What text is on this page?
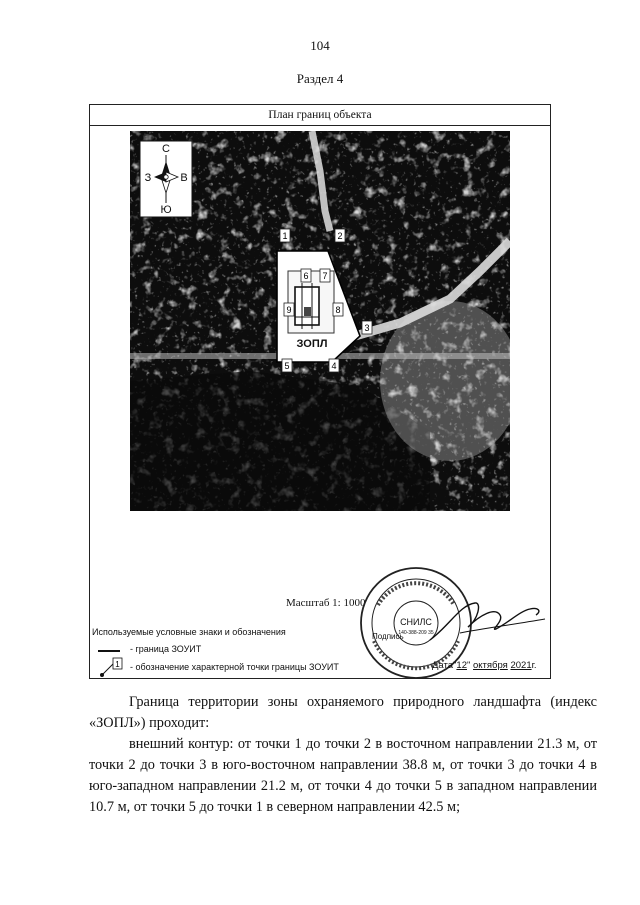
104
Раздел 4
План границ объекта
С
Ю
З	В
1	2
3
4
5
6 7
8
9
ЗОПЛ
Масштаб 1: 1000
Используемые условные знаки и обозначения
- граница ЗОУИТ
1 - обозначение характерной точки границы ЗОУИТ
СНИЛС
140-388-209 35
Подпись
Дата"12" октября 2021г.

Граница территории зоны охраняемого природного ландшафта (индекс «ЗОПЛ») проходит:

внешний контур: от точки 1 до точки 2 в восточном направлении 21.3 м, от точки 2 до точки 3 в юго-восточном направлении 38.8 м, от точки 3 до точки 4 в юго-западном направлении 21.2 м, от точки 4 до точки 5 в западном направлении 10.7 м, от точки 5 до точки 1 в северном направлении 42.5 м;
